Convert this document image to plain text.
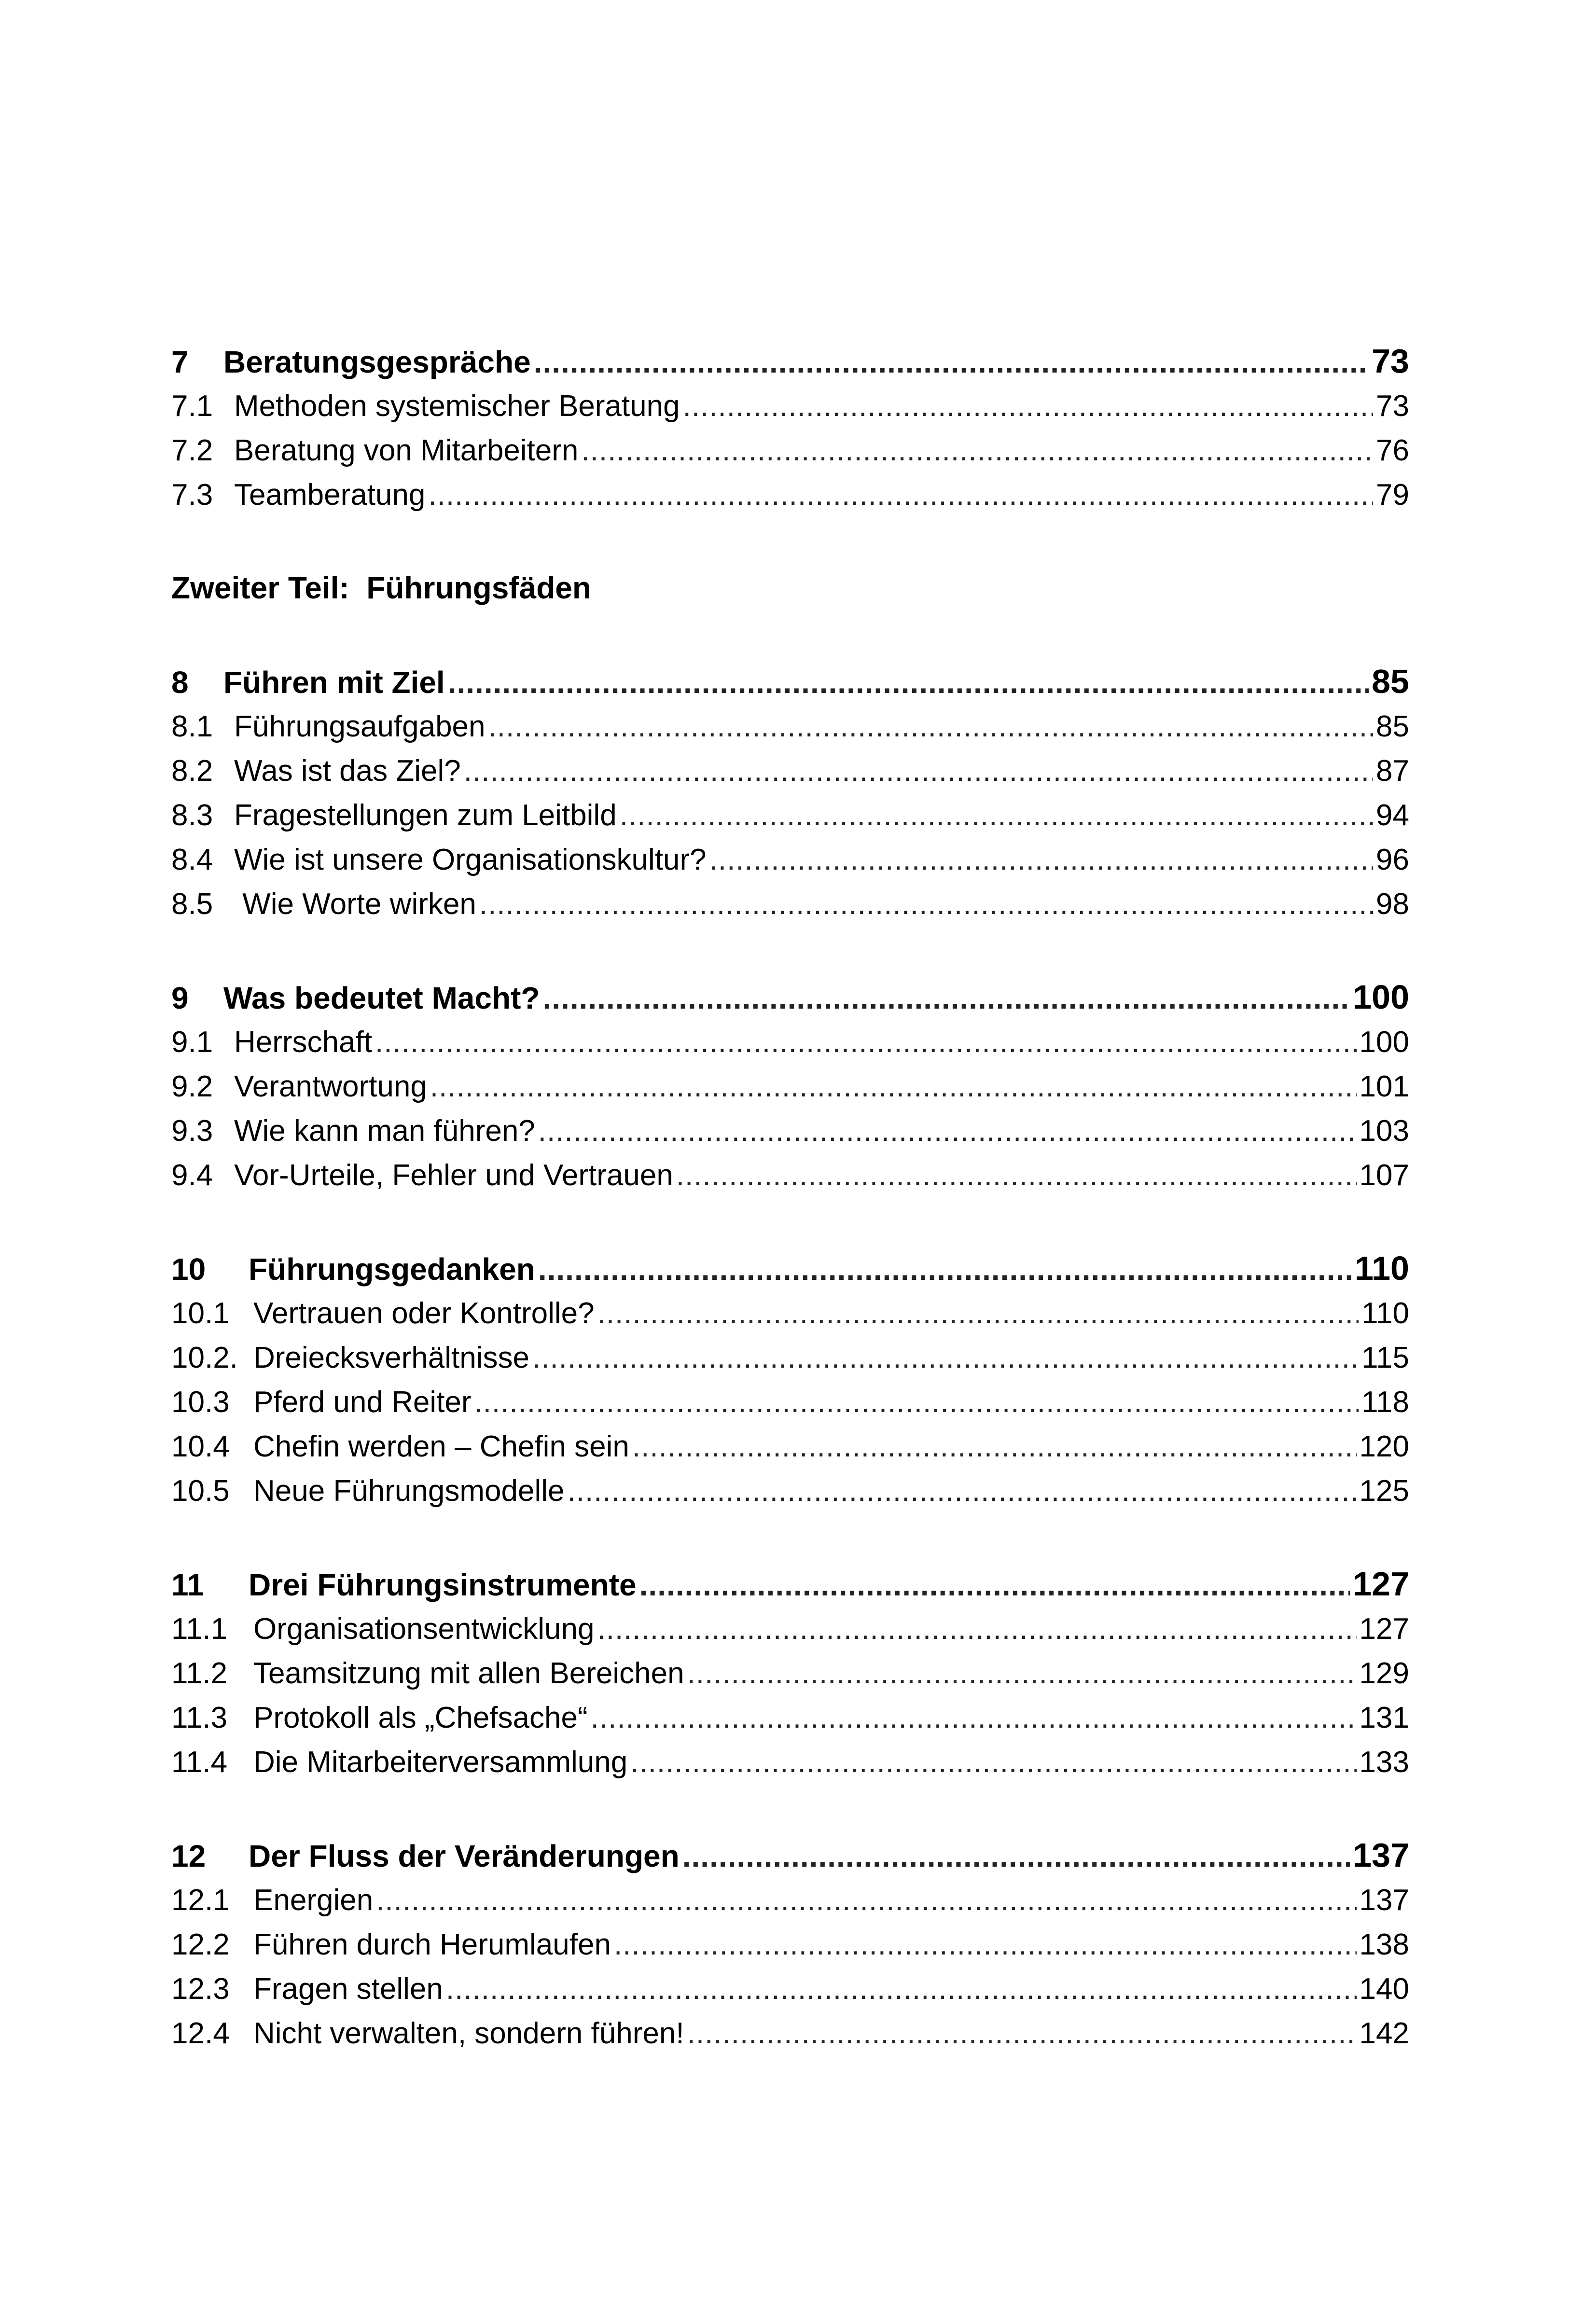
7	Beratungsgespräche .....	73
7.1 Methoden systemischer Beratung .....	73
7.2 Beratung von Mitarbeitern .....	76
7.3 Teamberatung .....	79
Zweiter Teil:  Führungsfäden
8	Führen mit Ziel .....	85
8.1 Führungsaufgaben .....	85
8.2 Was ist das Ziel? .....	87
8.3 Fragestellungen zum Leitbild .....	94
8.4 Wie ist unsere Organisationskultur? .....	96
8.5 Wie Worte wirken .....	98
9	Was bedeutet Macht? .....	100
9.1 Herrschaft .....	100
9.2 Verantwortung .....	101
9.3 Wie kann man führen? .....	103
9.4 Vor-Urteile, Fehler und Vertrauen .....	107
10	Führungsgedanken .....	110
10.1 Vertrauen oder Kontrolle? .....	110
10.2. Dreiecksverhältnisse .....	115
10.3 Pferd und Reiter .....	118
10.4 Chefin werden – Chefin sein .....	120
10.5 Neue Führungsmodelle .....	125
11	Drei Führungsinstrumente .....	127
11.1 Organisationsentwicklung .....	127
11.2 Teamsitzung mit allen Bereichen .....	129
11.3 Protokoll als „Chefsache“ .....	131
11.4 Die Mitarbeiterversammlung .....	133
12	Der Fluss der Veränderungen .....	137
12.1 Energien .....	137
12.2 Führen durch Herumlaufen .....	138
12.3 Fragen stellen .....	140
12.4 Nicht verwalten, sondern führen! .....	142
